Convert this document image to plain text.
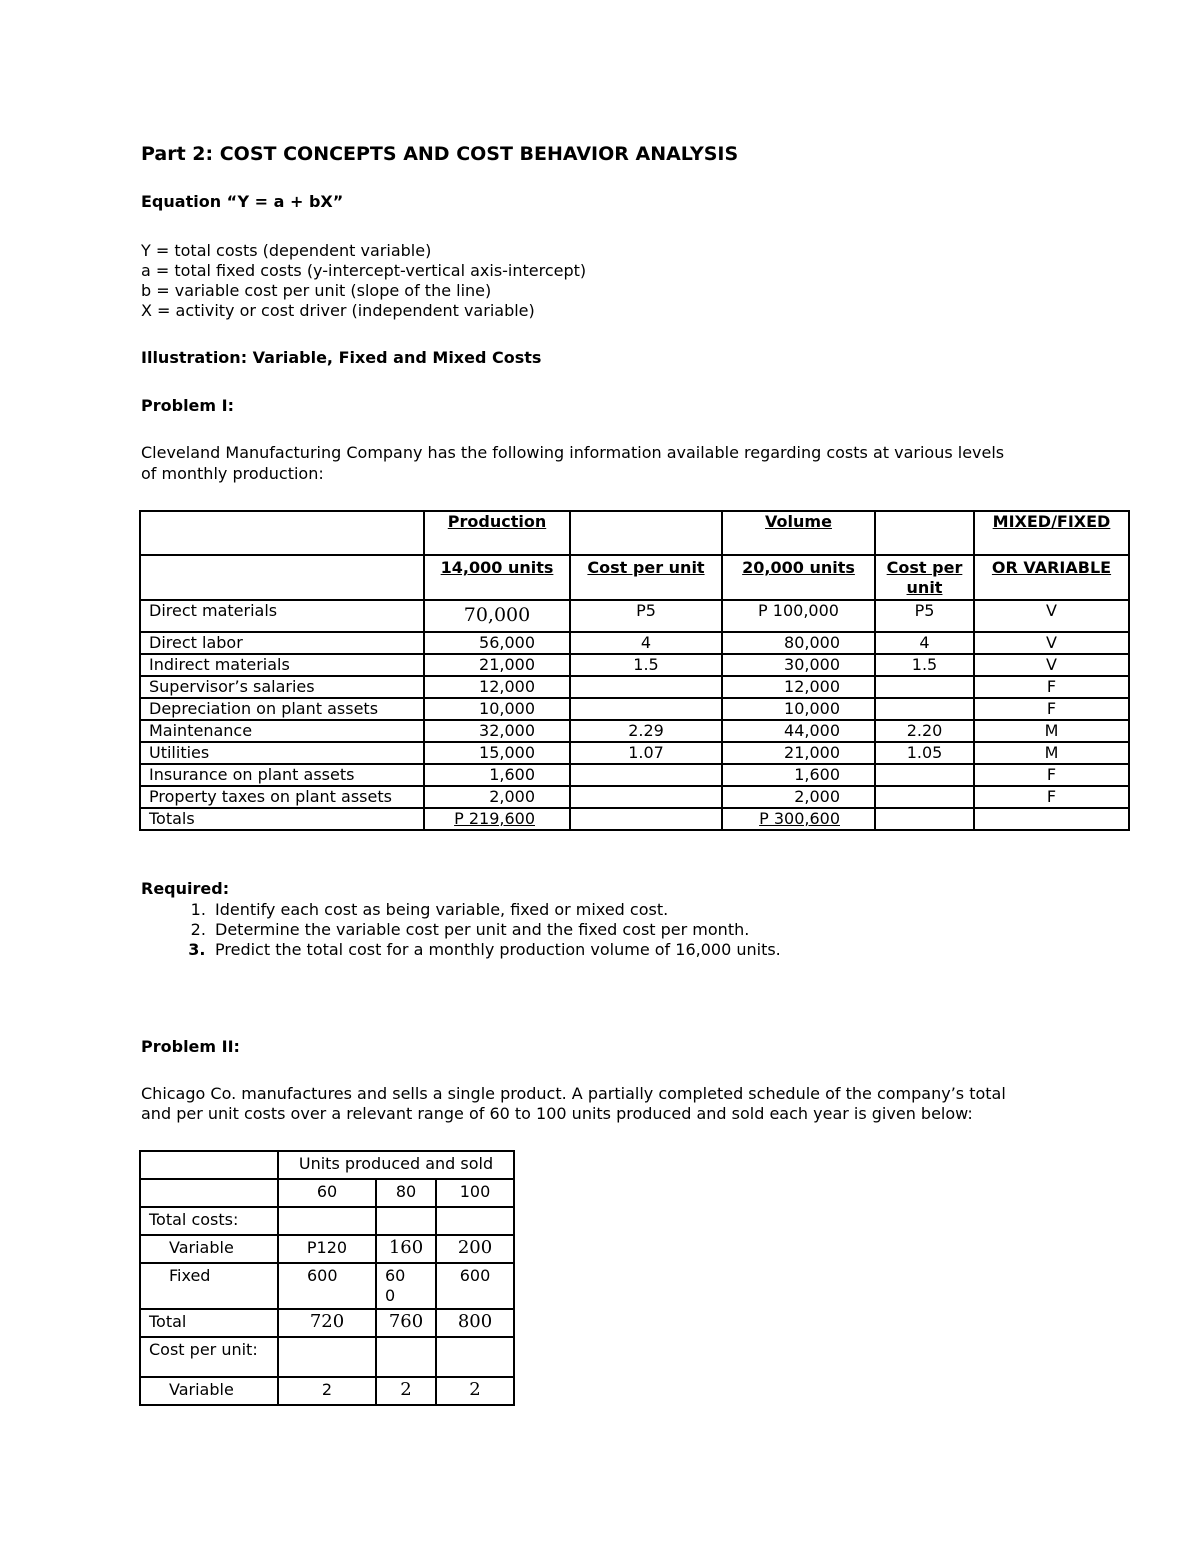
Part 2: COST CONCEPTS AND COST BEHAVIOR ANALYSIS

Equation “Y = a + bX”

Y = total costs (dependent variable)

a = total fixed costs (y-intercept-vertical axis-intercept)

b = variable cost per unit (slope of the line)

X = activity or cost driver (independent variable)

Illustration: Variable, Fixed and Mixed Costs

Problem I:

Cleveland Manufacturing Company has the following information available regarding costs at various levels

of monthly production:

	Production		Volume		MIXED/FIXED
	14,000 units	Cost per unit	20,000 units	Cost per unit	OR VARIABLE
Direct materials	70,000	P5	P 100,000	P5	V
Direct labor	56,000	4	80,000	4	V
Indirect materials	21,000	1.5	30,000	1.5	V
Supervisor’s salaries	12,000		12,000		F
Depreciation on plant assets	10,000		10,000		F
Maintenance	32,000	2.29	44,000	2.20	M
Utilities	15,000	1.07	21,000	1.05	M
Insurance on plant assets	1,600		1,600		F
Property taxes on plant assets	2,000		2,000		F
Totals	P 219,600		P 300,600		

Required:

1. Identify each cost as being variable, fixed or mixed cost.
2. Determine the variable cost per unit and the fixed cost per month.
3. Predict the total cost for a monthly production volume of 16,000 units.

Problem II:

Chicago Co. manufactures and sells a single product. A partially completed schedule of the company’s total

and per unit costs over a relevant range of 60 to 100 units produced and sold each year is given below:

	Units produced and sold		
	60	80	100
Total costs:			
Variable	P120	160	200
Fixed	600	60
0	600
Total	720	760	800
Cost per unit:			
Variable	2	2	2
